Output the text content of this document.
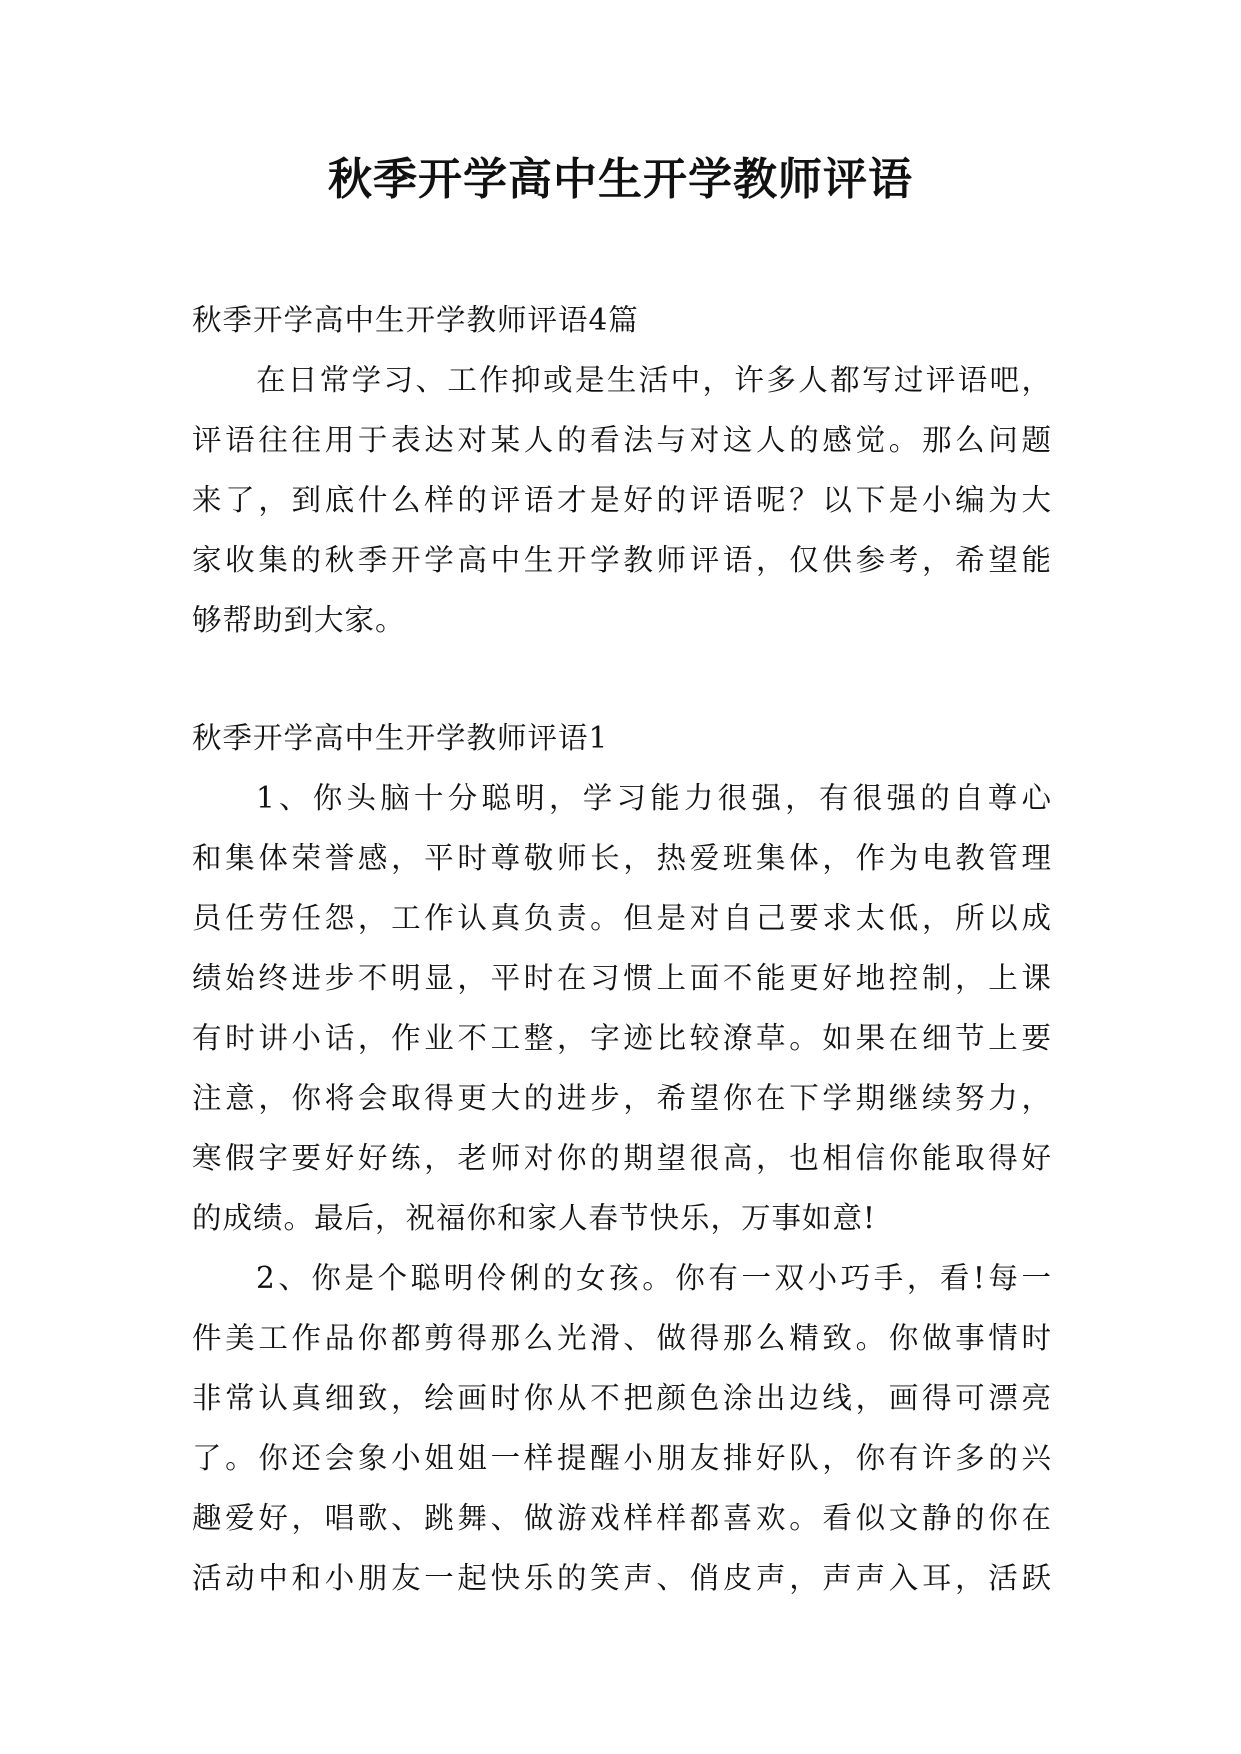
秋季开学高中生开学教师评语
秋季开学高中生开学教师评语4篇
在日常学习、工作抑或是生活中，许多人都写过评语吧，
评语往往用于表达对某人的看法与对这人的感觉。那么问题
来了，到底什么样的评语才是好的评语呢？以下是小编为大
家收集的秋季开学高中生开学教师评语，仅供参考，希望能
够帮助到大家。
秋季开学高中生开学教师评语1
1、你头脑十分聪明，学习能力很强，有很强的自尊心
和集体荣誉感，平时尊敬师长，热爱班集体，作为电教管理
员任劳任怨，工作认真负责。但是对自己要求太低，所以成
绩始终进步不明显，平时在习惯上面不能更好地控制，上课
有时讲小话，作业不工整，字迹比较潦草。如果在细节上要
注意，你将会取得更大的进步，希望你在下学期继续努力，
寒假字要好好练，老师对你的期望很高，也相信你能取得好
的成绩。最后，祝福你和家人春节快乐，万事如意!
2、你是个聪明伶俐的女孩。你有一双小巧手，看!每一
件美工作品你都剪得那么光滑、做得那么精致。你做事情时
非常认真细致，绘画时你从不把颜色涂出边线，画得可漂亮
了。你还会象小姐姐一样提醒小朋友排好队，你有许多的兴
趣爱好，唱歌、跳舞、做游戏样样都喜欢。看似文静的你在
活动中和小朋友一起快乐的笑声、俏皮声，声声入耳，活跃
